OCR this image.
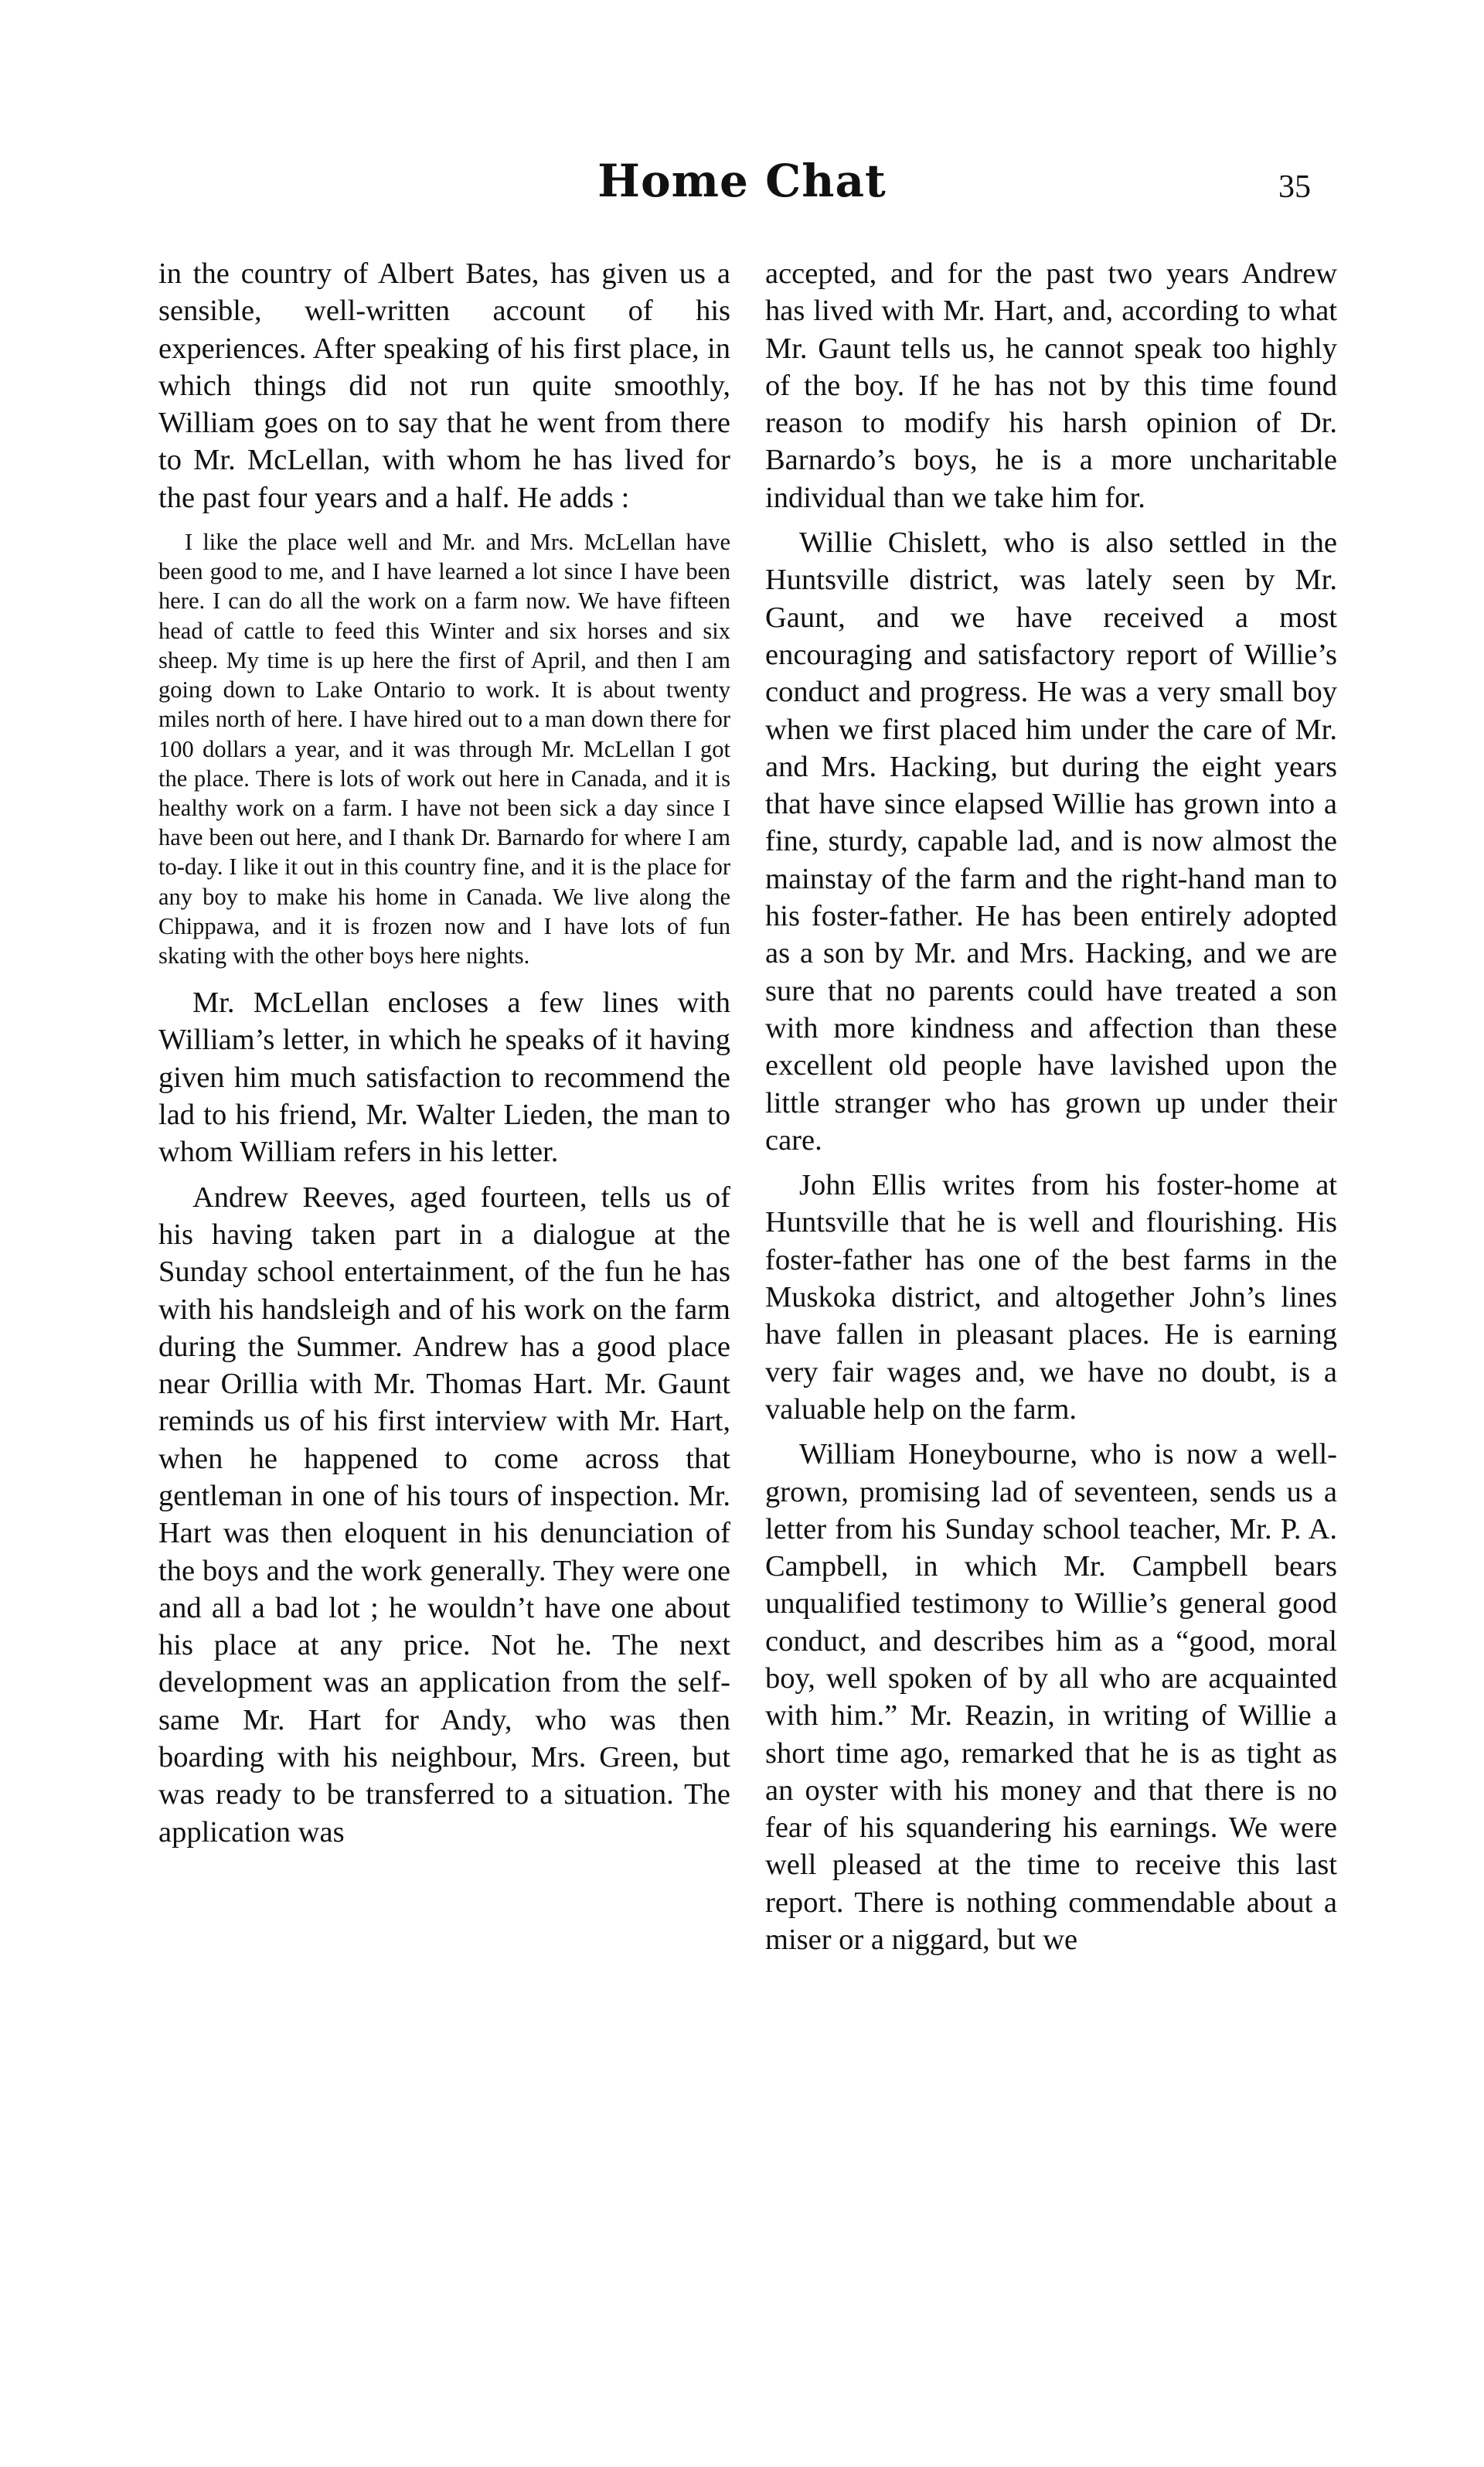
Home Chat	35

in the country of Albert Bates, has given us a sensible, well-written account of his experiences. After speaking of his first place, in which things did not run quite smoothly, William goes on to say that he went from there to Mr. McLellan, with whom he has lived for the past four years and a half. He adds :

I like the place well and Mr. and Mrs. McLellan have been good to me, and I have learned a lot since I have been here. I can do all the work on a farm now. We have fifteen head of cattle to feed this Winter and six horses and six sheep. My time is up here the first of April, and then I am going down to Lake Ontario to work. It is about twenty miles north of here. I have hired out to a man down there for 100 dollars a year, and it was through Mr. McLellan I got the place. There is lots of work out here in Canada, and it is healthy work on a farm. I have not been sick a day since I have been out here, and I thank Dr. Barnardo for where I am to-day. I like it out in this country fine, and it is the place for any boy to make his home in Canada. We live along the Chippawa, and it is frozen now and I have lots of fun skating with the other boys here nights.

Mr. McLellan encloses a few lines with William’s letter, in which he speaks of it having given him much satisfaction to recommend the lad to his friend, Mr. Walter Lieden, the man to whom William refers in his letter.

Andrew Reeves, aged fourteen, tells us of his having taken part in a dialogue at the Sunday school entertainment, of the fun he has with his handsleigh and of his work on the farm during the Summer. Andrew has a good place near Orillia with Mr. Thomas Hart. Mr. Gaunt reminds us of his first interview with Mr. Hart, when he happened to come across that gentleman in one of his tours of inspection. Mr. Hart was then eloquent in his denunciation of the boys and the work generally. They were one and all a bad lot ; he wouldn’t have one about his place at any price. Not he. The next development was an application from the self-same Mr. Hart for Andy, who was then boarding with his neighbour, Mrs. Green, but was ready to be transferred to a situation. The application was

accepted, and for the past two years Andrew has lived with Mr. Hart, and, according to what Mr. Gaunt tells us, he cannot speak too highly of the boy. If he has not by this time found reason to modify his harsh opinion of Dr. Barnardo’s boys, he is a more uncharitable individual than we take him for.

Willie Chislett, who is also settled in the Huntsville district, was lately seen by Mr. Gaunt, and we have received a most encouraging and satisfactory report of Willie’s conduct and progress. He was a very small boy when we first placed him under the care of Mr. and Mrs. Hacking, but during the eight years that have since elapsed Willie has grown into a fine, sturdy, capable lad, and is now almost the mainstay of the farm and the right-hand man to his foster-father. He has been entirely adopted as a son by Mr. and Mrs. Hacking, and we are sure that no parents could have treated a son with more kindness and affection than these excellent old people have lavished upon the little stranger who has grown up under their care.

John Ellis writes from his foster-home at Huntsville that he is well and flourishing. His foster-father has one of the best farms in the Muskoka district, and altogether John’s lines have fallen in pleasant places. He is earning very fair wages and, we have no doubt, is a valuable help on the farm.

William Honeybourne, who is now a well-grown, promising lad of seventeen, sends us a letter from his Sunday school teacher, Mr. P. A. Campbell, in which Mr. Campbell bears unqualified testimony to Willie’s general good conduct, and describes him as a “good, moral boy, well spoken of by all who are acquainted with him.” Mr. Reazin, in writing of Willie a short time ago, remarked that he is as tight as an oyster with his money and that there is no fear of his squandering his earnings. We were well pleased at the time to receive this last report. There is nothing commendable about a miser or a niggard, but we
